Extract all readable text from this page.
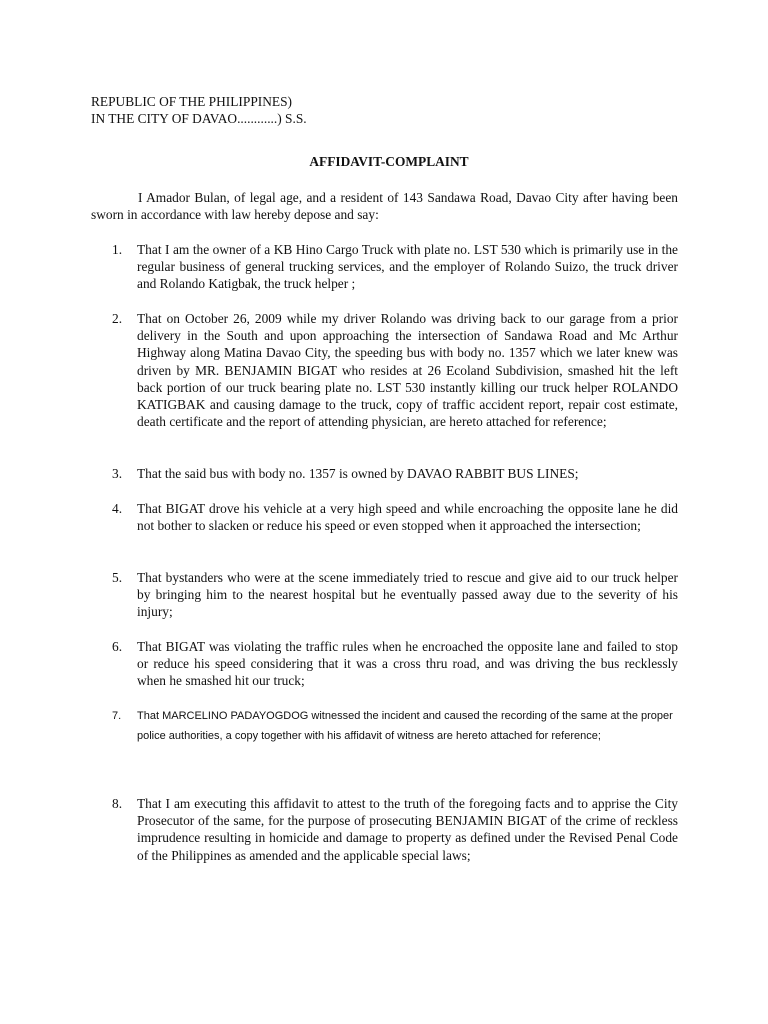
REPUBLIC OF THE PHILIPPINES)

IN THE CITY OF DAVAO............) S.S.

AFFIDAVIT-COMPLAINT

I Amador Bulan, of legal age, and a resident of 143 Sandawa Road, Davao City after having been sworn in accordance with law hereby depose and say:

1.	That I am the owner of a KB Hino Cargo Truck with plate no. LST 530 which is primarily use in the regular business of general trucking services, and the employer of Rolando Suizo, the truck driver and Rolando Katigbak, the truck helper ;

2.	That on October 26, 2009 while my driver Rolando was driving back to our garage from a prior delivery in the South and upon approaching the intersection of Sandawa Road and Mc Arthur Highway along Matina Davao City, the speeding bus with body no. 1357 which we later knew was driven by MR. BENJAMIN BIGAT who resides at 26 Ecoland Subdivision, smashed hit the left back portion of our truck bearing plate no. LST 530 instantly killing our truck helper ROLANDO KATIGBAK and causing damage to the truck, copy of traffic accident report, repair cost estimate, death certificate and the report of attending physician, are hereto attached for reference;

3.	That the said bus with body no. 1357 is owned by DAVAO RABBIT BUS LINES;

4.	That BIGAT drove his vehicle at a very high speed and while encroaching the opposite lane he did not bother to slacken or reduce his speed or even stopped when it approached the intersection;

5.	That bystanders who were at the scene immediately tried to rescue and give aid to our truck helper by bringing him to the nearest hospital but he eventually passed away due to the severity of his injury;

6.	That BIGAT was violating the traffic rules when he encroached the opposite lane and failed to stop or reduce his speed considering that it was a cross thru road, and was driving the bus recklessly when he smashed hit our truck;

7.	That MARCELINO PADAYOGDOG witnessed the incident and caused the recording of the same at the proper police authorities, a copy together with his affidavit of witness are hereto attached for reference;

8.	That I am executing this affidavit to attest to the truth of the foregoing facts and to apprise the City Prosecutor of the same, for the purpose of prosecuting BENJAMIN BIGAT of the crime of reckless imprudence resulting in homicide and damage to property as defined under the Revised Penal Code of the Philippines as amended and the applicable special laws;
